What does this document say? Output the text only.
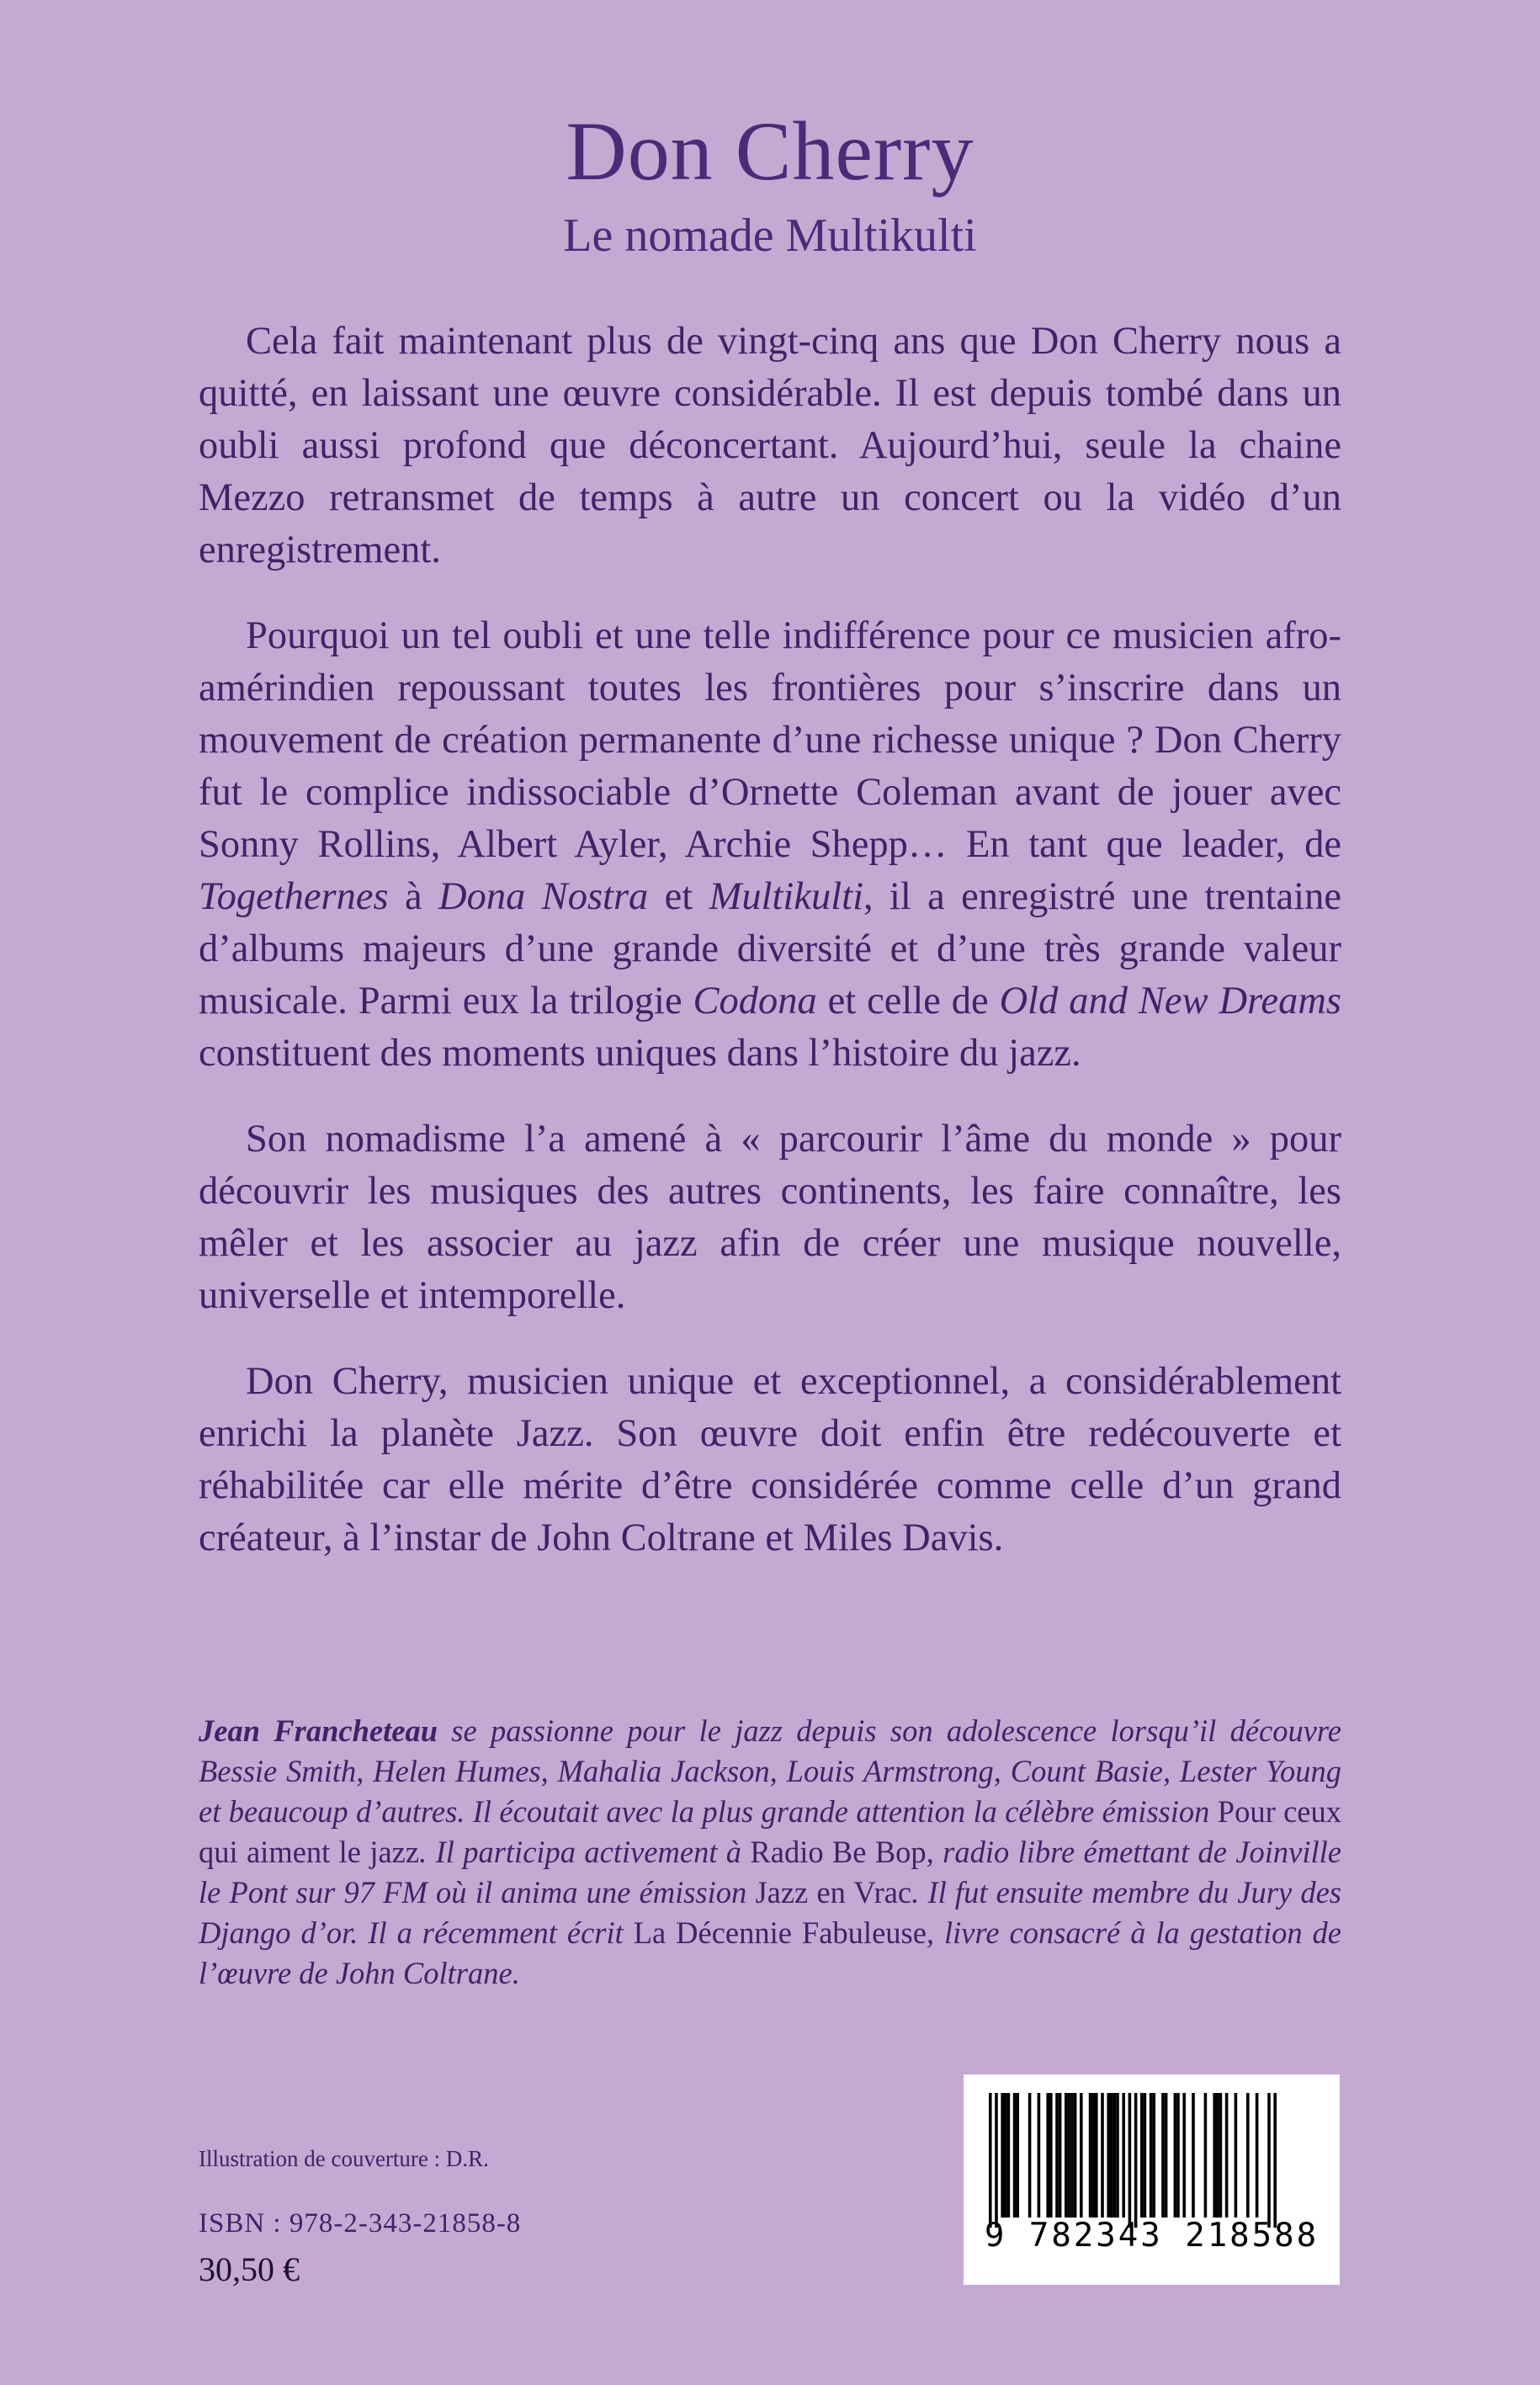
Don Cherry
Le nomade Multikulti

Cela fait maintenant plus de vingt-cinq ans que Don Cherry nous a quitté, en laissant une œuvre considérable. Il est depuis tombé dans un oubli aussi profond que déconcertant. Aujourd’hui, seule la chaine Mezzo retransmet de temps à autre un concert ou la vidéo d’un enregistrement.

Pourquoi un tel oubli et une telle indifférence pour ce musicien afro-amérindien repoussant toutes les frontières pour s’inscrire dans un mouvement de création permanente d’une richesse unique ? Don Cherry fut le complice indissociable d’Ornette Coleman avant de jouer avec Sonny Rollins, Albert Ayler, Archie Shepp… En tant que leader, de Togethernes à Dona Nostra et Multikulti, il a enregistré une trentaine d’albums majeurs d’une grande diversité et d’une très grande valeur musicale. Parmi eux la trilogie Codona et celle de Old and New Dreams constituent des moments uniques dans l’histoire du jazz.

Son nomadisme l’a amené à « parcourir l’âme du monde » pour découvrir les musiques des autres continents, les faire connaître, les mêler et les associer au jazz afin de créer une musique nouvelle, universelle et intemporelle.

Don Cherry, musicien unique et exceptionnel, a considérablement enrichi la planète Jazz. Son œuvre doit enfin être redécouverte et réhabilitée car elle mérite d’être considérée comme celle d’un grand créateur, à l’instar de John Coltrane et Miles Davis.

Jean Francheteau se passionne pour le jazz depuis son adolescence lorsqu’il découvre Bessie Smith, Helen Humes, Mahalia Jackson, Louis Armstrong, Count Basie, Lester Young et beaucoup d’autres. Il écoutait avec la plus grande attention la célèbre émission Pour ceux qui aiment le jazz. Il participa activement à Radio Be Bop, radio libre émettant de Joinville le Pont sur 97 FM où il anima une émission Jazz en Vrac. Il fut ensuite membre du Jury des Django d’or. Il a récemment écrit La Décennie Fabuleuse, livre consacré à la gestation de l’œuvre de John Coltrane.

Illustration de couverture : D.R.
ISBN : 978-2-343-21858-8
30,50 €
9 782343 218588
